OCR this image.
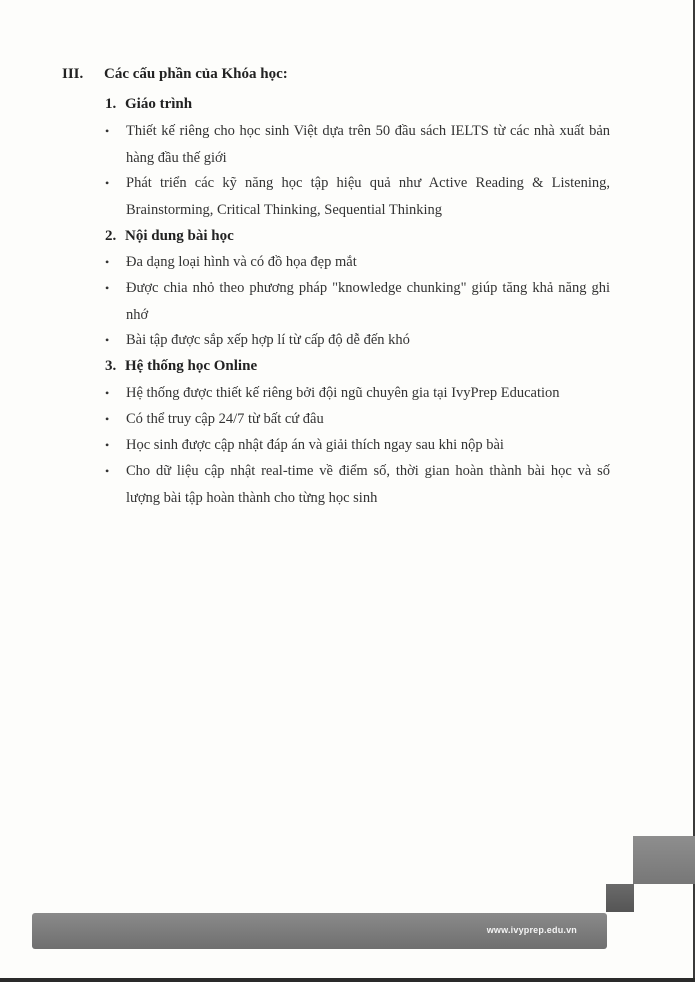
III. Các cấu phần của Khóa học:
1. Giáo trình
•	Thiết kế riêng cho học sinh Việt dựa trên 50 đầu sách IELTS từ các nhà xuất bản hàng đầu thế giới
•	Phát triển các kỹ năng học tập hiệu quả như Active Reading & Listening, Brainstorming, Critical Thinking, Sequential Thinking
2. Nội dung bài học
•	Đa dạng loại hình và có đồ họa đẹp mắt
•	Được chia nhỏ theo phương pháp "knowledge chunking" giúp tăng khả năng ghi nhớ
•	Bài tập được sắp xếp hợp lí từ cấp độ dễ đến khó
3. Hệ thống học Online
•	Hệ thống được thiết kế riêng bởi đội ngũ chuyên gia tại IvyPrep Education
•	Có thể truy cập 24/7 từ bất cứ đâu
•	Học sinh được cập nhật đáp án và giải thích ngay sau khi nộp bài
•	Cho dữ liệu cập nhật real-time về điểm số, thời gian hoàn thành bài học và số lượng bài tập hoàn thành cho từng học sinh
www.ivyprep.edu.vn
